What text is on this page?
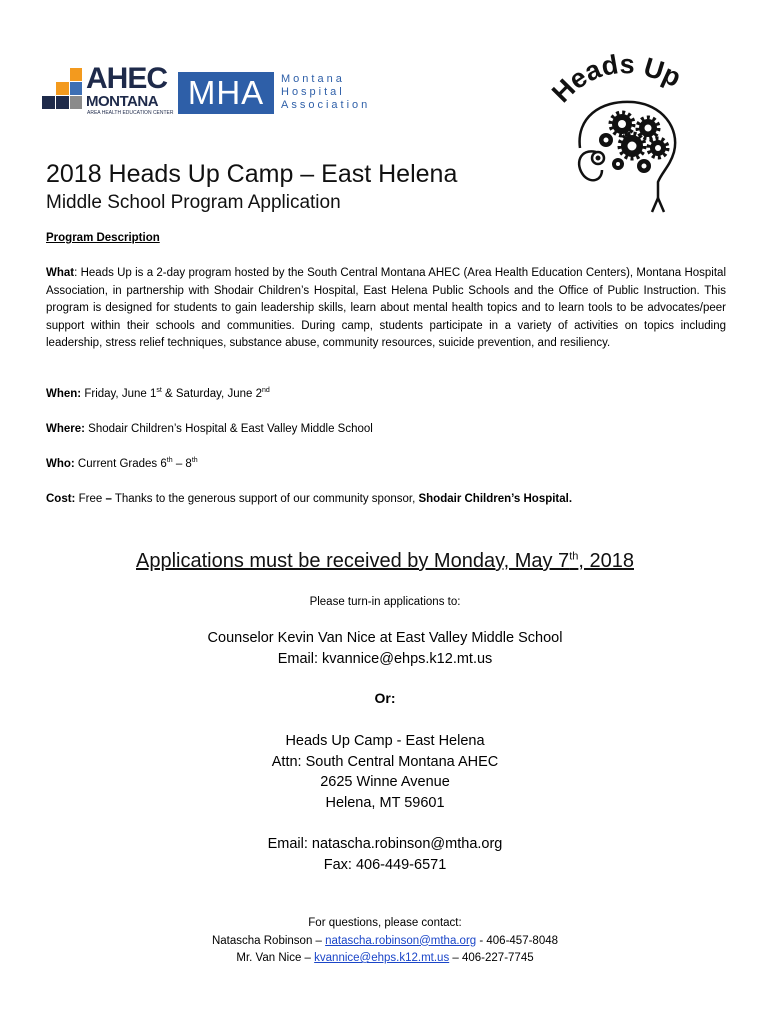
AHEC
MONTANA
AREA HEALTH EDUCATION CENTER
MHA	Montana
Hospital
Association	Heads Up
2018 Heads Up Camp – East Helena
Middle School Program Application
Program Description
What: Heads Up is a 2-day program hosted by the South Central Montana AHEC (Area Health Education Centers), Montana Hospital Association, in partnership with Shodair Children’s Hospital, East Helena Public Schools and the Office of Public Instruction. This program is designed for students to gain leadership skills, learn about mental health topics and to learn tools to be advocates/peer support within their schools and communities. During camp, students participate in a variety of activities on topics including leadership, stress relief techniques, substance abuse, community resources, suicide prevention, and resiliency.
When: Friday, June 1st & Saturday, June 2nd
Where: Shodair Children’s Hospital & East Valley Middle School
Who: Current Grades 6th – 8th
Cost: Free – Thanks to the generous support of our community sponsor, Shodair Children’s Hospital.
Applications must be received by Monday, May 7th, 2018
Please turn-in applications to:
Counselor Kevin Van Nice at East Valley Middle School
Email: kvannice@ehps.k12.mt.us
Or:
Heads Up Camp - East Helena
Attn: South Central Montana AHEC
2625 Winne Avenue
Helena, MT 59601
Email: natascha.robinson@mtha.org
Fax: 406-449-6571
For questions, please contact:
Natascha Robinson – natascha.robinson@mtha.org - 406-457-8048
Mr. Van Nice – kvannice@ehps.k12.mt.us – 406-227-7745
